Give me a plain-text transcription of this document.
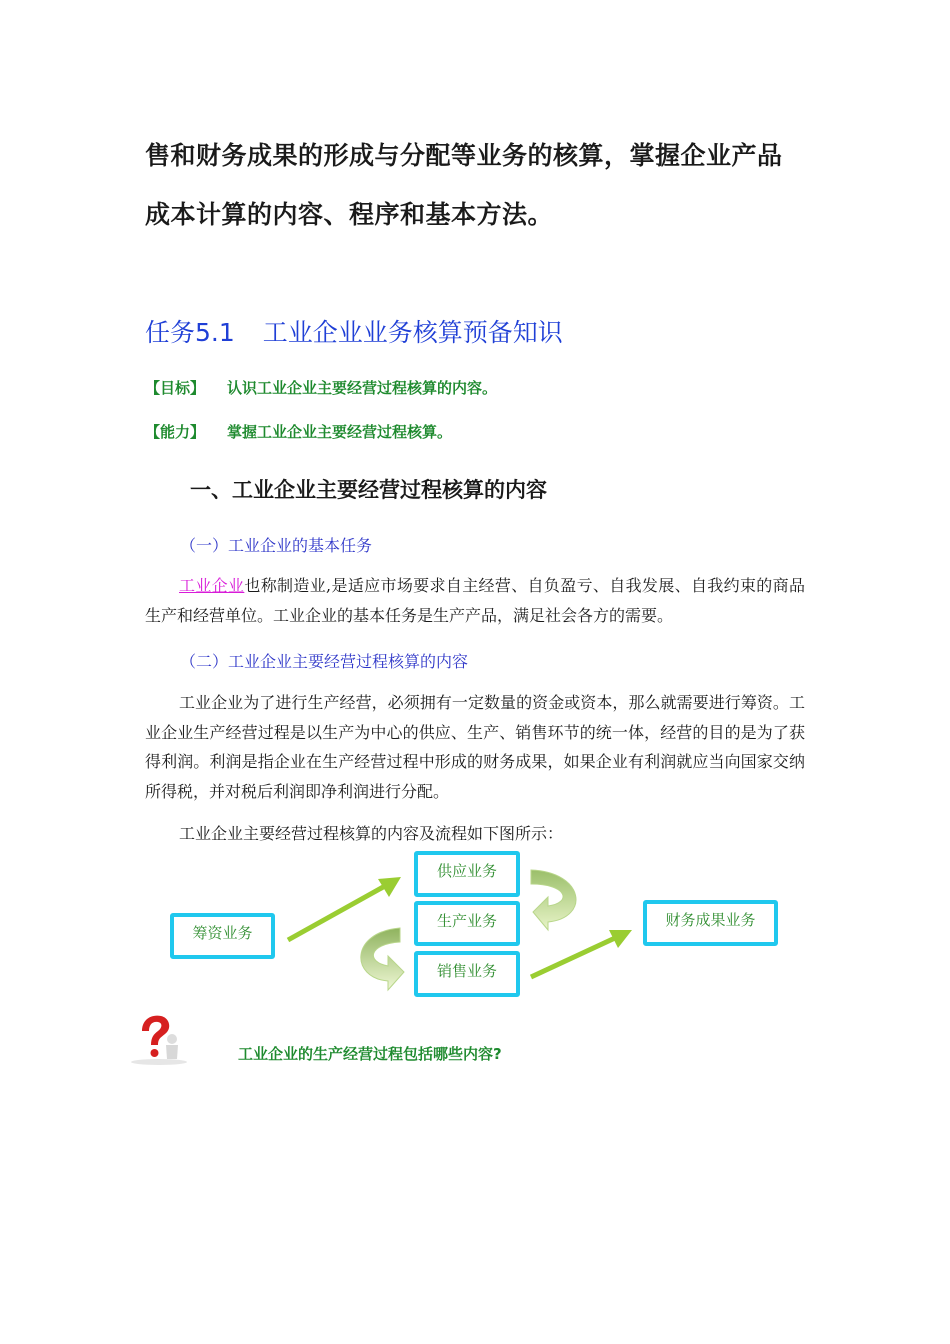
售和财务成果的形成与分配等业务的核算，掌握企业产品
成本计算的内容、程序和基本方法。
任务5.1 工业企业业务核算预备知识
【目标】 认识工业企业主要经营过程核算的内容。
【能力】 掌握工业企业主要经营过程核算。
一、工业企业主要经营过程核算的内容
（一）工业企业的基本任务
工业企业也称制造业,是适应市场要求自主经营、自负盈亏、自我发展、自我约束的商品生产和经营单位。工业企业的基本任务是生产产品，满足社会各方的需要。
（二）工业企业主要经营过程核算的内容
工业企业为了进行生产经营，必须拥有一定数量的资金或资本，那么就需要进行筹资。工业企业生产经营过程是以生产为中心的供应、生产、销售环节的统一体，经营的目的是为了获得利润。利润是指企业在生产经营过程中形成的财务成果，如果企业有利润就应当向国家交纳所得税，并对税后利润即净利润进行分配。
工业企业主要经营过程核算的内容及流程如下图所示：
筹资业务
供应业务
生产业务
销售业务
财务成果业务
工业企业的生产经营过程包括哪些内容?
